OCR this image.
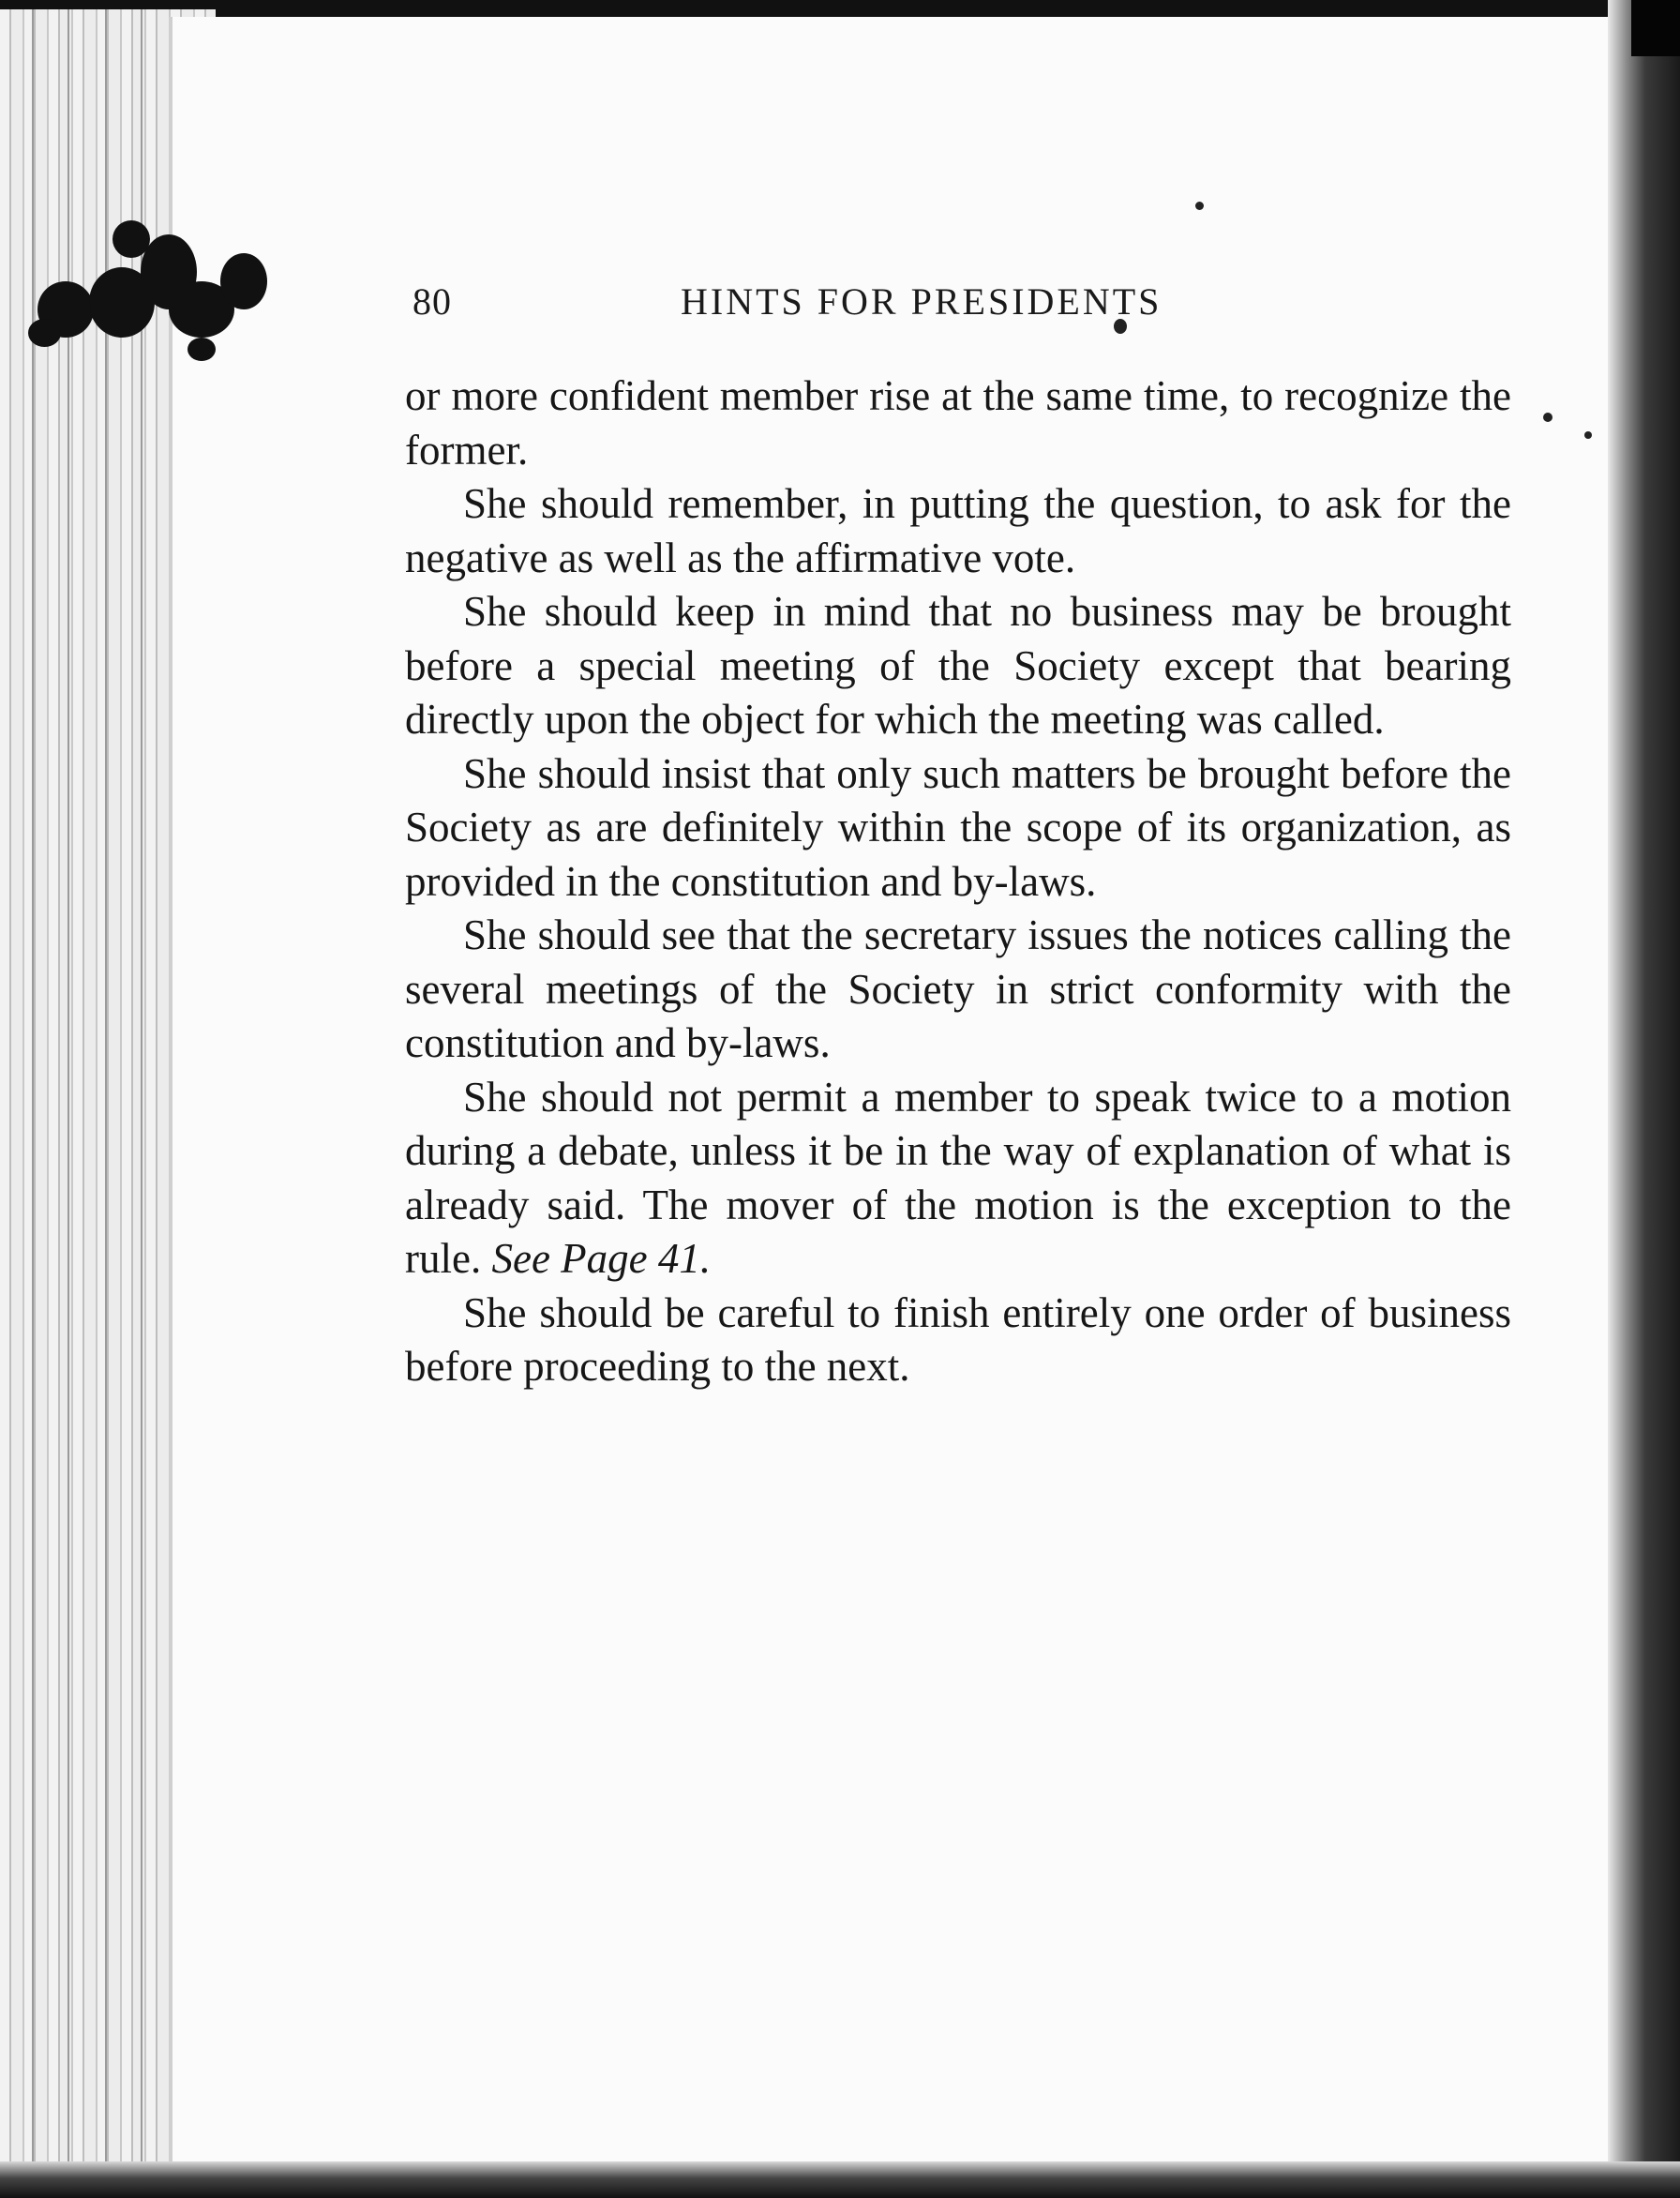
80	HINTS FOR PRESIDENTS

or more confident member rise at the same time, to recognize the former.

She should remember, in putting the question, to ask for the negative as well as the affirmative vote.

She should keep in mind that no business may be brought before a special meeting of the Society except that bearing directly upon the object for which the meeting was called.

She should insist that only such matters be brought before the Society as are definitely within the scope of its organization, as provided in the constitution and by-laws.

She should see that the secretary issues the notices calling the several meetings of the Society in strict conformity with the constitution and by-laws.

She should not permit a member to speak twice to a motion during a debate, unless it be in the way of explanation of what is already said. The mover of the motion is the exception to the rule. See Page 41.

She should be careful to finish entirely one order of business before proceeding to the next.
